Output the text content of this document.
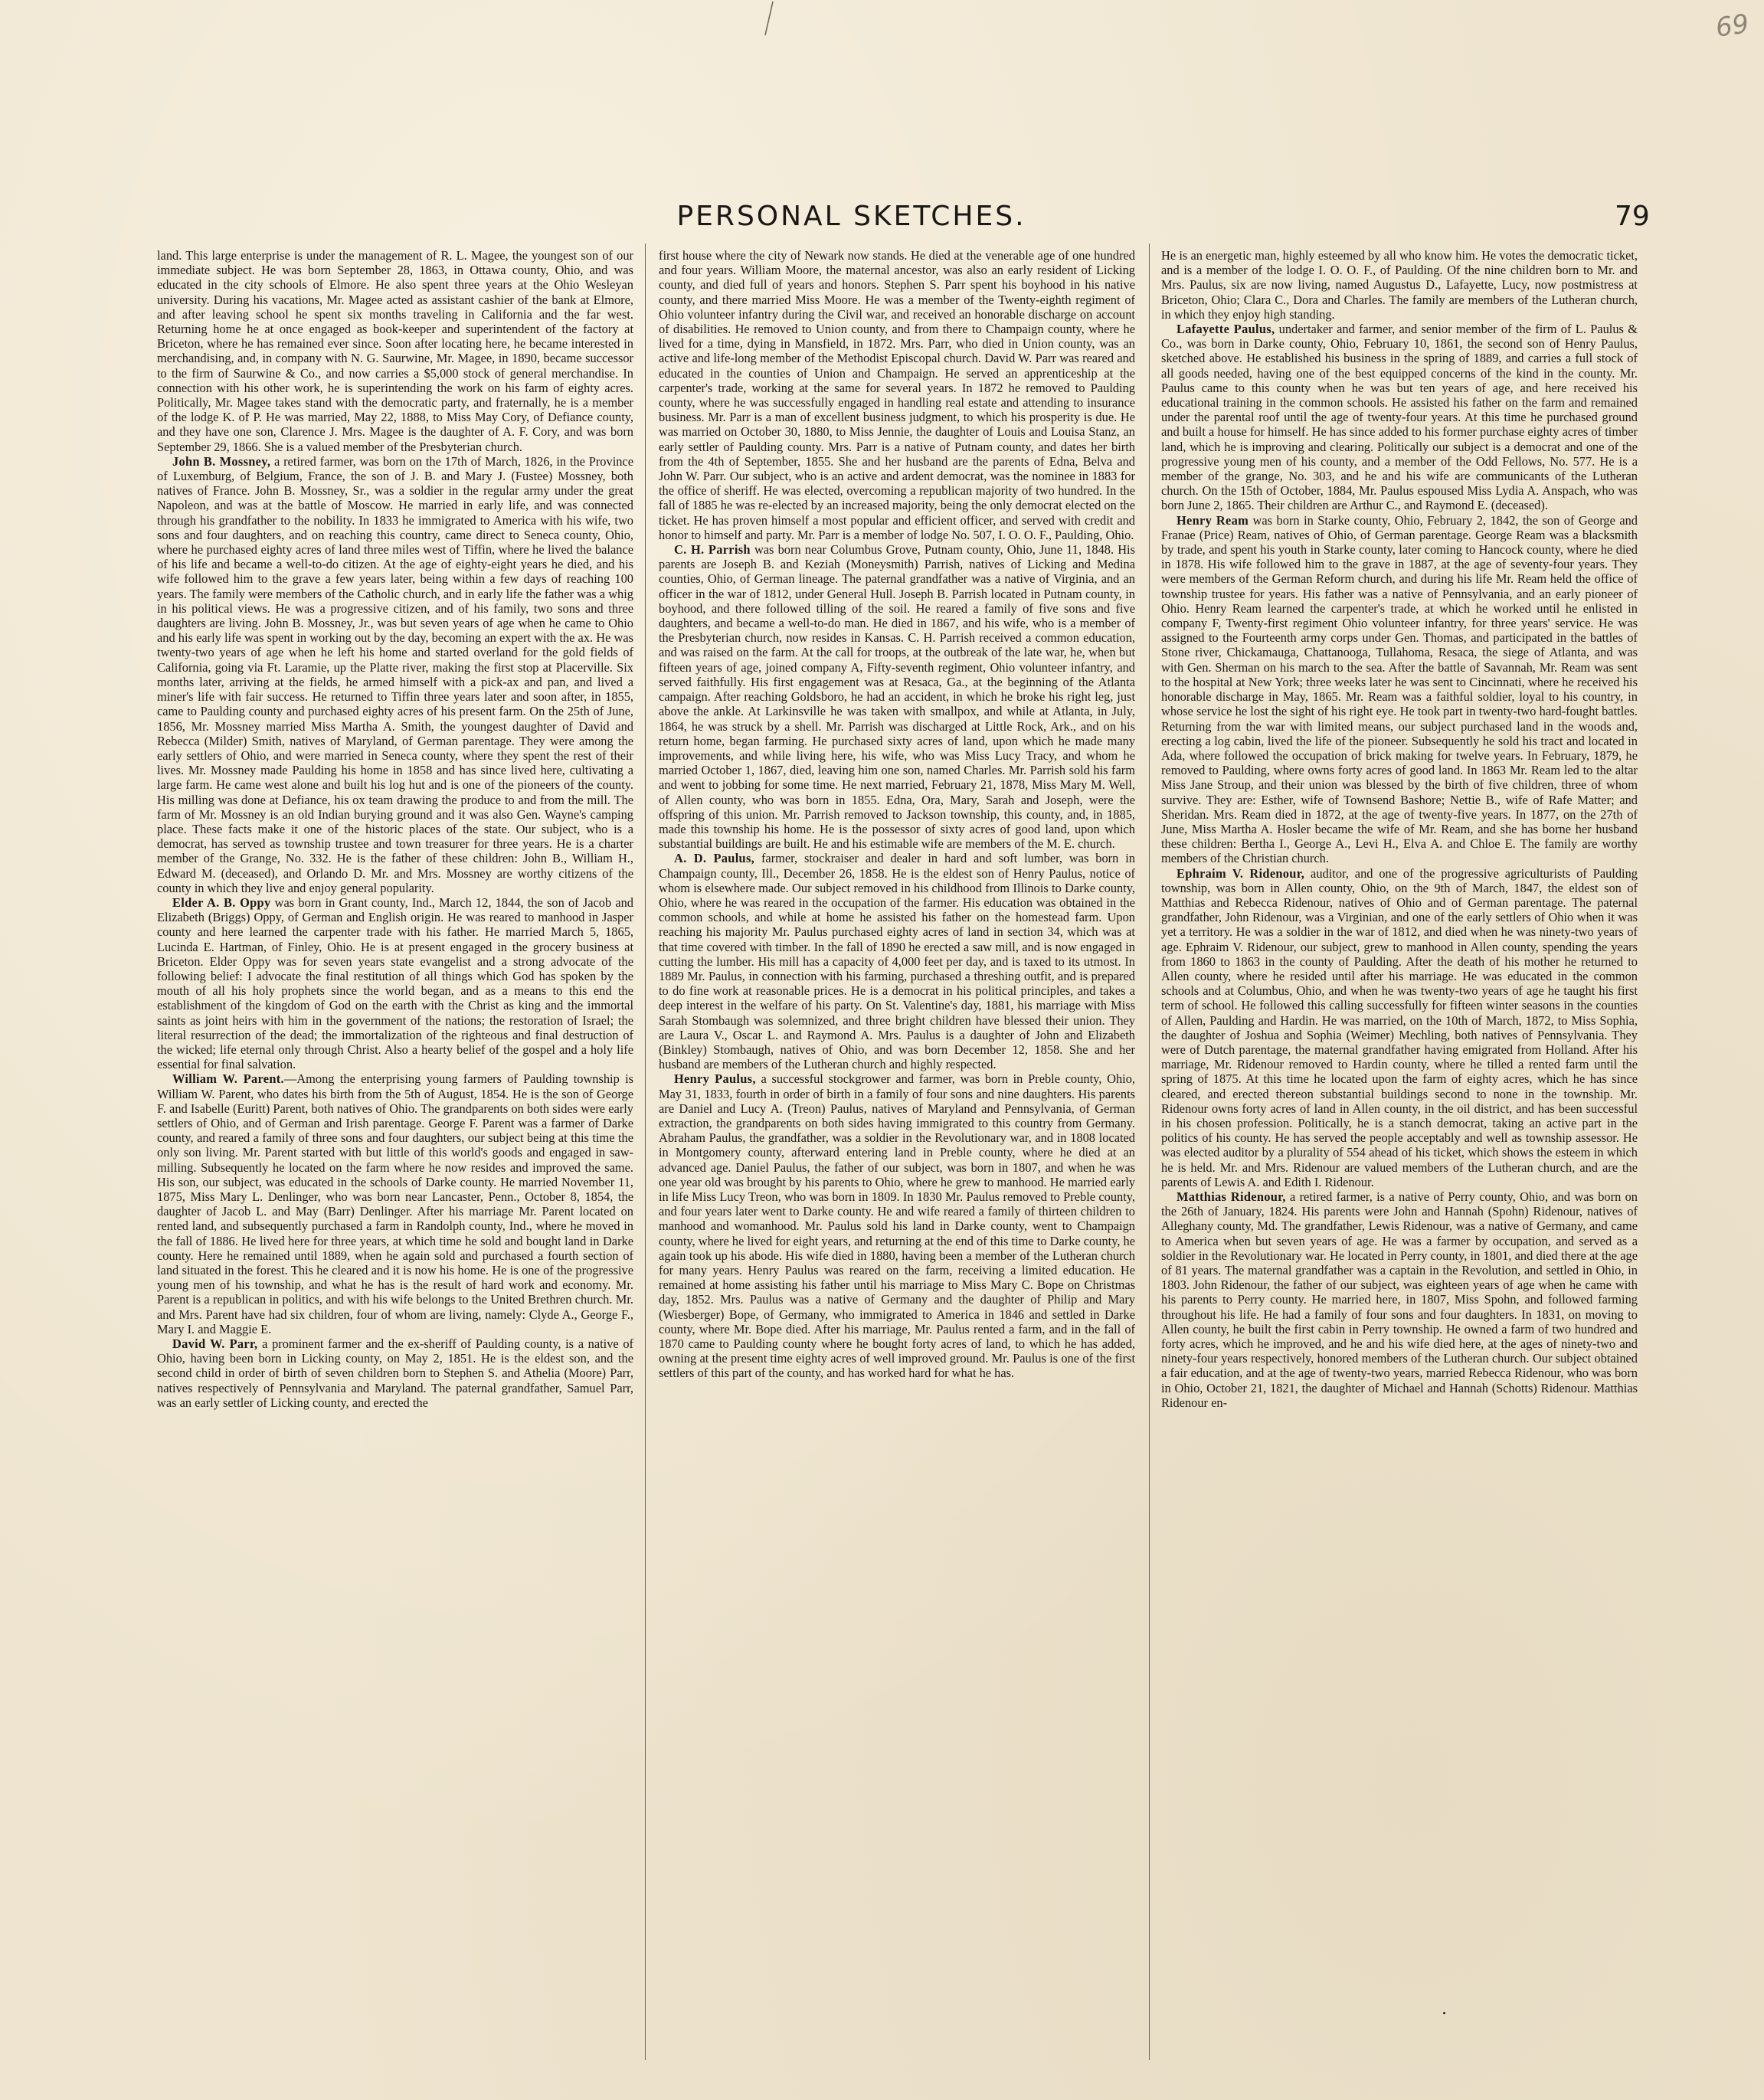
69
PERSONAL SKETCHES.	79

land. This large enterprise is under the management of R. L. Magee, the youngest son of our immediate subject. He was born September 28, 1863, in Ottawa county, Ohio, and was educated in the city schools of Elmore. He also spent three years at the Ohio Wesleyan university. During his vacations, Mr. Magee acted as assistant cashier of the bank at Elmore, and after leaving school he spent six months traveling in California and the far west. Returning home he at once engaged as book-keeper and superintendent of the factory at Briceton, where he has remained ever since. Soon after locating here, he became interested in merchandising, and, in company with N. G. Saurwine, Mr. Magee, in 1890, became successor to the firm of Saurwine & Co., and now carries a $5,000 stock of general merchandise. In connection with his other work, he is superintending the work on his farm of eighty acres. Politically, Mr. Magee takes stand with the democratic party, and fraternally, he is a member of the lodge K. of P. He was married, May 22, 1888, to Miss May Cory, of Defiance county, and they have one son, Clarence J. Mrs. Magee is the daughter of A. F. Cory, and was born September 29, 1866. She is a valued member of the Presbyterian church.

John B. Mossney, a retired farmer, was born on the 17th of March, 1826, in the Province of Luxemburg, of Belgium, France, the son of J. B. and Mary J. (Fustee) Mossney, both natives of France. John B. Mossney, Sr., was a soldier in the regular army under the great Napoleon, and was at the battle of Moscow. He married in early life, and was connected through his grandfather to the nobility. In 1833 he immigrated to America with his wife, two sons and four daughters, and on reaching this country, came direct to Seneca county, Ohio, where he purchased eighty acres of land three miles west of Tiffin, where he lived the balance of his life and became a well-to-do citizen. At the age of eighty-eight years he died, and his wife followed him to the grave a few years later, being within a few days of reaching 100 years. The family were members of the Catholic church, and in early life the father was a whig in his political views. He was a progressive citizen, and of his family, two sons and three daughters are living. John B. Mossney, Jr., was but seven years of age when he came to Ohio and his early life was spent in working out by the day, becoming an expert with the ax. He was twenty-two years of age when he left his home and started overland for the gold fields of California, going via Ft. Laramie, up the Platte river, making the first stop at Placerville. Six months later, arriving at the fields, he armed himself with a pick-ax and pan, and lived a miner's life with fair success. He returned to Tiffin three years later and soon after, in 1855, came to Paulding county and purchased eighty acres of his present farm. On the 25th of June, 1856, Mr. Mossney married Miss Martha A. Smith, the youngest daughter of David and Rebecca (Milder) Smith, natives of Maryland, of German parentage. They were among the early settlers of Ohio, and were married in Seneca county, where they spent the rest of their lives. Mr. Mossney made Paulding his home in 1858 and has since lived here, cultivating a large farm. He came west alone and built his log hut and is one of the pioneers of the county. His milling was done at Defiance, his ox team drawing the produce to and from the mill. The farm of Mr. Mossney is an old Indian burying ground and it was also Gen. Wayne's camping place. These facts make it one of the historic places of the state. Our subject, who is a democrat, has served as township trustee and town treasurer for three years. He is a charter member of the Grange, No. 332. He is the father of these children: John B., William H., Edward M. (deceased), and Orlando D. Mr. and Mrs. Mossney are worthy citizens of the county in which they live and enjoy general popularity.

Elder A. B. Oppy was born in Grant county, Ind., March 12, 1844, the son of Jacob and Elizabeth (Briggs) Oppy, of German and English origin. He was reared to manhood in Jasper county and here learned the carpenter trade with his father. He married March 5, 1865, Lucinda E. Hartman, of Finley, Ohio. He is at present engaged in the grocery business at Briceton. Elder Oppy was for seven years state evangelist and a strong advocate of the following belief: I advocate the final restitution of all things which God has spoken by the mouth of all his holy prophets since the world began, and as a means to this end the establishment of the kingdom of God on the earth with the Christ as king and the immortal saints as joint heirs with him in the government of the nations; the restoration of Israel; the literal resurrection of the dead; the immortalization of the righteous and final destruction of the wicked; life eternal only through Christ. Also a hearty belief of the gospel and a holy life essential for final salvation.

William W. Parent.—Among the enterprising young farmers of Paulding township is William W. Parent, who dates his birth from the 5th of August, 1854. He is the son of George F. and Isabelle (Euritt) Parent, both natives of Ohio. The grandparents on both sides were early settlers of Ohio, and of German and Irish parentage. George F. Parent was a farmer of Darke county, and reared a family of three sons and four daughters, our subject being at this time the only son living. Mr. Parent started with but little of this world's goods and engaged in saw-milling. Subsequently he located on the farm where he now resides and improved the same. His son, our subject, was educated in the schools of Darke county. He married November 11, 1875, Miss Mary L. Denlinger, who was born near Lancaster, Penn., October 8, 1854, the daughter of Jacob L. and May (Barr) Denlinger. After his marriage Mr. Parent located on rented land, and subsequently purchased a farm in Randolph county, Ind., where he moved in the fall of 1886. He lived here for three years, at which time he sold and bought land in Darke county. Here he remained until 1889, when he again sold and purchased a fourth section of land situated in the forest. This he cleared and it is now his home. He is one of the progressive young men of his township, and what he has is the result of hard work and economy. Mr. Parent is a republican in politics, and with his wife belongs to the United Brethren church. Mr. and Mrs. Parent have had six children, four of whom are living, namely: Clyde A., George F., Mary I. and Maggie E.

David W. Parr, a prominent farmer and the ex-sheriff of Paulding county, is a native of Ohio, having been born in Licking county, on May 2, 1851. He is the eldest son, and the second child in order of birth of seven children born to Stephen S. and Athelia (Moore) Parr, natives respectively of Pennsylvania and Maryland. The paternal grandfather, Samuel Parr, was an early settler of Licking county, and erected the

first house where the city of Newark now stands. He died at the venerable age of one hundred and four years. William Moore, the maternal ancestor, was also an early resident of Licking county, and died full of years and honors. Stephen S. Parr spent his boyhood in his native county, and there married Miss Moore. He was a member of the Twenty-eighth regiment of Ohio volunteer infantry during the Civil war, and received an honorable discharge on account of disabilities. He removed to Union county, and from there to Champaign county, where he lived for a time, dying in Mansfield, in 1872. Mrs. Parr, who died in Union county, was an active and life-long member of the Methodist Episcopal church. David W. Parr was reared and educated in the counties of Union and Champaign. He served an apprenticeship at the carpenter's trade, working at the same for several years. In 1872 he removed to Paulding county, where he was successfully engaged in handling real estate and attending to insurance business. Mr. Parr is a man of excellent business judgment, to which his prosperity is due. He was married on October 30, 1880, to Miss Jennie, the daughter of Louis and Louisa Stanz, an early settler of Paulding county. Mrs. Parr is a native of Putnam county, and dates her birth from the 4th of September, 1855. She and her husband are the parents of Edna, Belva and John W. Parr. Our subject, who is an active and ardent democrat, was the nominee in 1883 for the office of sheriff. He was elected, overcoming a republican majority of two hundred. In the fall of 1885 he was re-elected by an increased majority, being the only democrat elected on the ticket. He has proven himself a most popular and efficient officer, and served with credit and honor to himself and party. Mr. Parr is a member of lodge No. 507, I. O. O. F., Paulding, Ohio.

C. H. Parrish was born near Columbus Grove, Putnam county, Ohio, June 11, 1848. His parents are Joseph B. and Keziah (Moneysmith) Parrish, natives of Licking and Medina counties, Ohio, of German lineage. The paternal grandfather was a native of Virginia, and an officer in the war of 1812, under General Hull. Joseph B. Parrish located in Putnam county, in boyhood, and there followed tilling of the soil. He reared a family of five sons and five daughters, and became a well-to-do man. He died in 1867, and his wife, who is a member of the Presbyterian church, now resides in Kansas. C. H. Parrish received a common education, and was raised on the farm. At the call for troops, at the outbreak of the late war, he, when but fifteen years of age, joined company A, Fifty-seventh regiment, Ohio volunteer infantry, and served faithfully. His first engagement was at Resaca, Ga., at the beginning of the Atlanta campaign. After reaching Goldsboro, he had an accident, in which he broke his right leg, just above the ankle. At Larkinsville he was taken with smallpox, and while at Atlanta, in July, 1864, he was struck by a shell. Mr. Parrish was discharged at Little Rock, Ark., and on his return home, began farming. He purchased sixty acres of land, upon which he made many improvements, and while living here, his wife, who was Miss Lucy Tracy, and whom he married October 1, 1867, died, leaving him one son, named Charles. Mr. Parrish sold his farm and went to jobbing for some time. He next married, February 21, 1878, Miss Mary M. Well, of Allen county, who was born in 1855. Edna, Ora, Mary, Sarah and Joseph, were the offspring of this union. Mr. Parrish removed to Jackson township, this county, and, in 1885, made this township his home. He is the possessor of sixty acres of good land, upon which substantial buildings are built. He and his estimable wife are members of the M. E. church.

A. D. Paulus, farmer, stockraiser and dealer in hard and soft lumber, was born in Champaign county, Ill., December 26, 1858. He is the eldest son of Henry Paulus, notice of whom is elsewhere made. Our subject removed in his childhood from Illinois to Darke county, Ohio, where he was reared in the occupation of the farmer. His education was obtained in the common schools, and while at home he assisted his father on the homestead farm. Upon reaching his majority Mr. Paulus purchased eighty acres of land in section 34, which was at that time covered with timber. In the fall of 1890 he erected a saw mill, and is now engaged in cutting the lumber. His mill has a capacity of 4,000 feet per day, and is taxed to its utmost. In 1889 Mr. Paulus, in connection with his farming, purchased a threshing outfit, and is prepared to do fine work at reasonable prices. He is a democrat in his political principles, and takes a deep interest in the welfare of his party. On St. Valentine's day, 1881, his marriage with Miss Sarah Stombaugh was solemnized, and three bright children have blessed their union. They are Laura V., Oscar L. and Raymond A. Mrs. Paulus is a daughter of John and Elizabeth (Binkley) Stombaugh, natives of Ohio, and was born December 12, 1858. She and her husband are members of the Lutheran church and highly respected.

Henry Paulus, a successful stockgrower and farmer, was born in Preble county, Ohio, May 31, 1833, fourth in order of birth in a family of four sons and nine daughters. His parents are Daniel and Lucy A. (Treon) Paulus, natives of Maryland and Pennsylvania, of German extraction, the grandparents on both sides having immigrated to this country from Germany. Abraham Paulus, the grandfather, was a soldier in the Revolutionary war, and in 1808 located in Montgomery county, afterward entering land in Preble county, where he died at an advanced age. Daniel Paulus, the father of our subject, was born in 1807, and when he was one year old was brought by his parents to Ohio, where he grew to manhood. He married early in life Miss Lucy Treon, who was born in 1809. In 1830 Mr. Paulus removed to Preble county, and four years later went to Darke county. He and wife reared a family of thirteen children to manhood and womanhood. Mr. Paulus sold his land in Darke county, went to Champaign county, where he lived for eight years, and returning at the end of this time to Darke county, he again took up his abode. His wife died in 1880, having been a member of the Lutheran church for many years. Henry Paulus was reared on the farm, receiving a limited education. He remained at home assisting his father until his marriage to Miss Mary C. Bope on Christmas day, 1852. Mrs. Paulus was a native of Germany and the daughter of Philip and Mary (Wiesberger) Bope, of Germany, who immigrated to America in 1846 and settled in Darke county, where Mr. Bope died. After his marriage, Mr. Paulus rented a farm, and in the fall of 1870 came to Paulding county where he bought forty acres of land, to which he has added, owning at the present time eighty acres of well improved ground. Mr. Paulus is one of the first settlers of this part of the county, and has worked hard for what he has.

He is an energetic man, highly esteemed by all who know him. He votes the democratic ticket, and is a member of the lodge I. O. O. F., of Paulding. Of the nine children born to Mr. and Mrs. Paulus, six are now living, named Augustus D., Lafayette, Lucy, now postmistress at Briceton, Ohio; Clara C., Dora and Charles. The family are members of the Lutheran church, in which they enjoy high standing.

Lafayette Paulus, undertaker and farmer, and senior member of the firm of L. Paulus & Co., was born in Darke county, Ohio, February 10, 1861, the second son of Henry Paulus, sketched above. He established his business in the spring of 1889, and carries a full stock of all goods needed, having one of the best equipped concerns of the kind in the county. Mr. Paulus came to this county when he was but ten years of age, and here received his educational training in the common schools. He assisted his father on the farm and remained under the parental roof until the age of twenty-four years. At this time he purchased ground and built a house for himself. He has since added to his former purchase eighty acres of timber land, which he is improving and clearing. Politically our subject is a democrat and one of the progressive young men of his county, and a member of the Odd Fellows, No. 577. He is a member of the grange, No. 303, and he and his wife are communicants of the Lutheran church. On the 15th of October, 1884, Mr. Paulus espoused Miss Lydia A. Anspach, who was born June 2, 1865. Their children are Arthur C., and Raymond E. (deceased).

Henry Ream was born in Starke county, Ohio, February 2, 1842, the son of George and Franae (Price) Ream, natives of Ohio, of German parentage. George Ream was a blacksmith by trade, and spent his youth in Starke county, later coming to Hancock county, where he died in 1878. His wife followed him to the grave in 1887, at the age of seventy-four years. They were members of the German Reform church, and during his life Mr. Ream held the office of township trustee for years. His father was a native of Pennsylvania, and an early pioneer of Ohio. Henry Ream learned the carpenter's trade, at which he worked until he enlisted in company F, Twenty-first regiment Ohio volunteer infantry, for three years' service. He was assigned to the Fourteenth army corps under Gen. Thomas, and participated in the battles of Stone river, Chickamauga, Chattanooga, Tullahoma, Resaca, the siege of Atlanta, and was with Gen. Sherman on his march to the sea. After the battle of Savannah, Mr. Ream was sent to the hospital at New York; three weeks later he was sent to Cincinnati, where he received his honorable discharge in May, 1865. Mr. Ream was a faithful soldier, loyal to his country, in whose service he lost the sight of his right eye. He took part in twenty-two hard-fought battles. Returning from the war with limited means, our subject purchased land in the woods and, erecting a log cabin, lived the life of the pioneer. Subsequently he sold his tract and located in Ada, where followed the occupation of brick making for twelve years. In February, 1879, he removed to Paulding, where owns forty acres of good land. In 1863 Mr. Ream led to the altar Miss Jane Stroup, and their union was blessed by the birth of five children, three of whom survive. They are: Esther, wife of Townsend Bashore; Nettie B., wife of Rafe Matter; and Sheridan. Mrs. Ream died in 1872, at the age of twenty-five years. In 1877, on the 27th of June, Miss Martha A. Hosler became the wife of Mr. Ream, and she has borne her husband these children: Bertha I., George A., Levi H., Elva A. and Chloe E. The family are worthy members of the Christian church.

Ephraim V. Ridenour, auditor, and one of the progressive agriculturists of Paulding township, was born in Allen county, Ohio, on the 9th of March, 1847, the eldest son of Matthias and Rebecca Ridenour, natives of Ohio and of German parentage. The paternal grandfather, John Ridenour, was a Virginian, and one of the early settlers of Ohio when it was yet a territory. He was a soldier in the war of 1812, and died when he was ninety-two years of age. Ephraim V. Ridenour, our subject, grew to manhood in Allen county, spending the years from 1860 to 1863 in the county of Paulding. After the death of his mother he returned to Allen county, where he resided until after his marriage. He was educated in the common schools and at Columbus, Ohio, and when he was twenty-two years of age he taught his first term of school. He followed this calling successfully for fifteen winter seasons in the counties of Allen, Paulding and Hardin. He was married, on the 10th of March, 1872, to Miss Sophia, the daughter of Joshua and Sophia (Weimer) Mechling, both natives of Pennsylvania. They were of Dutch parentage, the maternal grandfather having emigrated from Holland. After his marriage, Mr. Ridenour removed to Hardin county, where he tilled a rented farm until the spring of 1875. At this time he located upon the farm of eighty acres, which he has since cleared, and erected thereon substantial buildings second to none in the township. Mr. Ridenour owns forty acres of land in Allen county, in the oil district, and has been successful in his chosen profession. Politically, he is a stanch democrat, taking an active part in the politics of his county. He has served the people acceptably and well as township assessor. He was elected auditor by a plurality of 554 ahead of his ticket, which shows the esteem in which he is held. Mr. and Mrs. Ridenour are valued members of the Lutheran church, and are the parents of Lewis A. and Edith I. Ridenour.

Matthias Ridenour, a retired farmer, is a native of Perry county, Ohio, and was born on the 26th of January, 1824. His parents were John and Hannah (Spohn) Ridenour, natives of Alleghany county, Md. The grandfather, Lewis Ridenour, was a native of Germany, and came to America when but seven years of age. He was a farmer by occupation, and served as a soldier in the Revolutionary war. He located in Perry county, in 1801, and died there at the age of 81 years. The maternal grandfather was a captain in the Revolution, and settled in Ohio, in 1803. John Ridenour, the father of our subject, was eighteen years of age when he came with his parents to Perry county. He married here, in 1807, Miss Spohn, and followed farming throughout his life. He had a family of four sons and four daughters. In 1831, on moving to Allen county, he built the first cabin in Perry township. He owned a farm of two hundred and forty acres, which he improved, and he and his wife died here, at the ages of ninety-two and ninety-four years respectively, honored members of the Lutheran church. Our subject obtained a fair education, and at the age of twenty-two years, married Rebecca Ridenour, who was born in Ohio, October 21, 1821, the daughter of Michael and Hannah (Schotts) Ridenour. Matthias Ridenour en-
